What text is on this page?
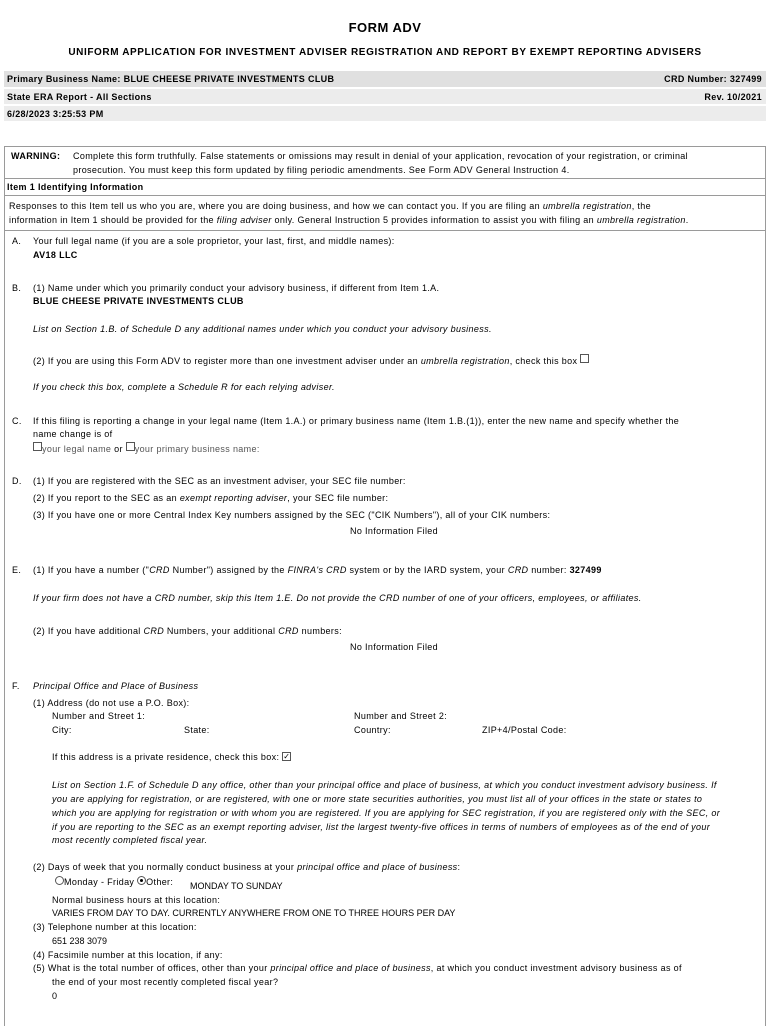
FORM ADV
UNIFORM APPLICATION FOR INVESTMENT ADVISER REGISTRATION AND REPORT BY EXEMPT REPORTING ADVISERS
Primary Business Name: BLUE CHEESE PRIVATE INVESTMENTS CLUB	CRD Number: 327499
State ERA Report - All Sections	Rev. 10/2021
6/28/2023 3:25:53 PM
WARNING: Complete this form truthfully. False statements or omissions may result in denial of your application, revocation of your registration, or criminal
prosecution. You must keep this form updated by filing periodic amendments. See Form ADV General Instruction 4.
Item 1 Identifying Information
Responses to this Item tell us who you are, where you are doing business, and how we can contact you. If you are filing an umbrella registration, the
information in Item 1 should be provided for the filing adviser only. General Instruction 5 provides information to assist you with filing an umbrella registration.
A. Your full legal name (if you are a sole proprietor, your last, first, and middle names):
AV18 LLC
B. (1) Name under which you primarily conduct your advisory business, if different from Item 1.A.
BLUE CHEESE PRIVATE INVESTMENTS CLUB
List on Section 1.B. of Schedule D any additional names under which you conduct your advisory business.
(2) If you are using this Form ADV to register more than one investment adviser under an umbrella registration, check this box
If you check this box, complete a Schedule R for each relying adviser.
C. If this filing is reporting a change in your legal name (Item 1.A.) or primary business name (Item 1.B.(1)), enter the new name and specify whether the
name change is of
your legal name or your primary business name:
D. (1) If you are registered with the SEC as an investment adviser, your SEC file number:
(2) If you report to the SEC as an exempt reporting adviser, your SEC file number:
(3) If you have one or more Central Index Key numbers assigned by the SEC ("CIK Numbers"), all of your CIK numbers:
No Information Filed
E. (1) If you have a number ("CRD Number") assigned by the FINRA's CRD system or by the IARD system, your CRD number: 327499
If your firm does not have a CRD number, skip this Item 1.E. Do not provide the CRD number of one of your officers, employees, or affiliates.
(2) If you have additional CRD Numbers, your additional CRD numbers:
No Information Filed
F. Principal Office and Place of Business
(1) Address (do not use a P.O. Box):
Number and Street 1:	Number and Street 2:
City:	State:	Country:	ZIP+4/Postal Code:
If this address is a private residence, check this box: ✓
List on Section 1.F. of Schedule D any office, other than your principal office and place of business, at which you conduct investment advisory business. If
you are applying for registration, or are registered, with one or more state securities authorities, you must list all of your offices in the state or states to
which you are applying for registration or with whom you are registered. If you are applying for SEC registration, if you are registered only with the SEC, or
if you are reporting to the SEC as an exempt reporting adviser, list the largest twenty-five offices in terms of numbers of employees as of the end of your
most recently completed fiscal year.
(2) Days of week that you normally conduct business at your principal office and place of business:
Monday - Friday Other: MONDAY TO SUNDAY
Normal business hours at this location:
VARIES FROM DAY TO DAY. CURRENTLY ANYWHERE FROM ONE TO THREE HOURS PER DAY
(3) Telephone number at this location:
651 238 3079
(4) Facsimile number at this location, if any:
(5) What is the total number of offices, other than your principal office and place of business, at which you conduct investment advisory business as of
the end of your most recently completed fiscal year?
0
